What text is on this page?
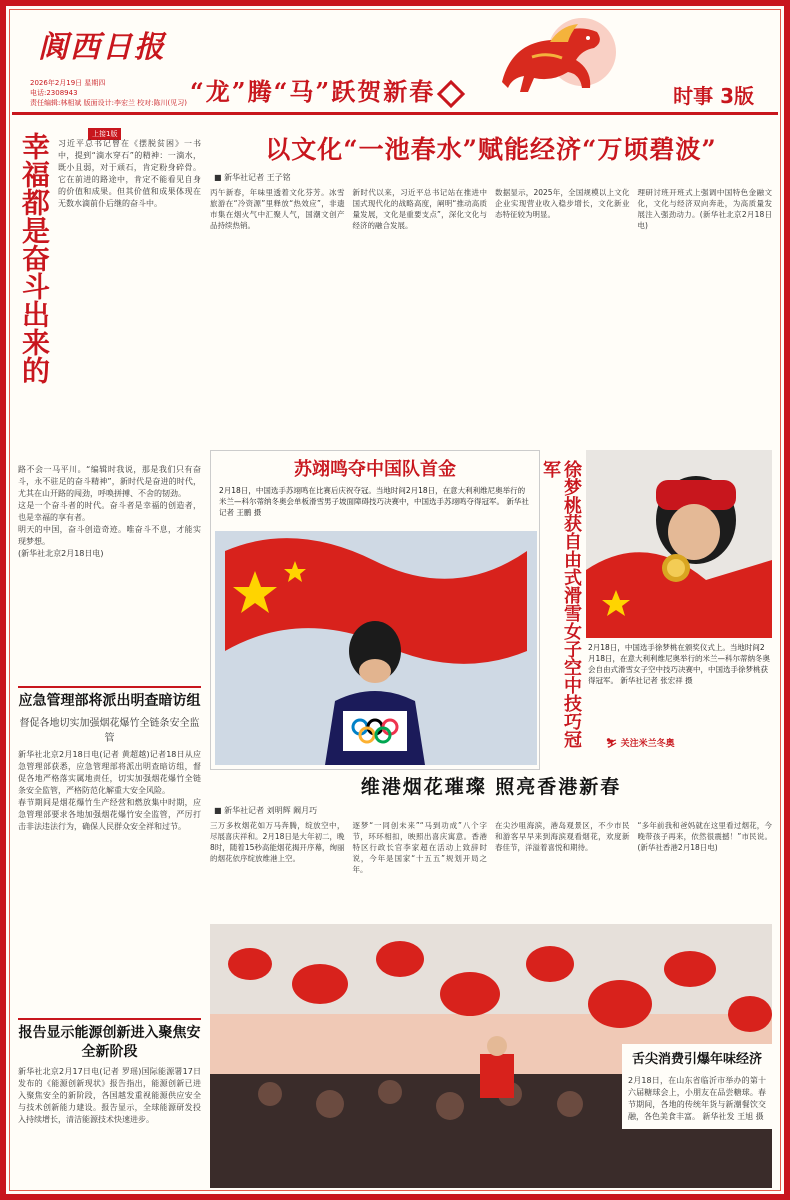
阆西日报
2026年2月19日 星期四
电话:2308943
责任编辑:林相斌 版面设计:李宏兰 校对:陈川(见习) “龙”腾“马”跃贺新春	时事 3版
上接1版
幸福都是奋斗出来的 习近平总书记曾在《摆脱贫困》一书中，提到“滴水穿石”的精神：一滴水，既小且弱，对于顽石，肯定粉身碎骨。它在前进的路途中，肯定不能看见自身的价值和成果。但其价值和成果体现在无数水滴前仆后继的奋斗中。

路不会一马平川。“编辑时我说，那是我们只有奋斗，永不驻足的奋斗精神”，新时代是奋进的时代，尤其在山开路的闯劲，呼唤拼搏、不舍的韧劲。
这是一个奋斗者的时代。奋斗者是幸福的创造者，也是幸福的享有者。
明天的中国，奋斗创造奇迹。唯奋斗不息，才能实现梦想。
(新华社北京2月18日电)

应急管理部将派出明查暗访组
督促各地切实加强烟花爆竹全链条安全监管

新华社北京2月18日电(记者 黄超越)记者18日从应急管理部获悉，应急管理部将派出明查暗访组，督促各地严格落实属地责任，切实加强烟花爆竹全链条安全监管，严格防范化解重大安全风险。
春节期间是烟花爆竹生产经营和燃放集中时期，应急管理部要求各地加强烟花爆竹安全监管，严厉打击非法违法行为，确保人民群众安全祥和过节。

报告显示能源创新进入聚焦安全新阶段

新华社北京2月17日电(记者 罗瑶)国际能源署17日发布的《能源创新现状》报告指出，能源创新已进入聚焦安全的新阶段，各国越发重视能源供应安全与技术创新能力建设。报告显示，全球能源研发投入持续增长，清洁能源技术快速进步。

以文化“一池春水”赋能经济“万顷碧波”
■ 新华社记者 王子铭

丙午新春，年味里透着文化芬芳。冰雪旅游在“冷资源”里释放“热效应”，非遗市集在烟火气中汇聚人气，国潮文创产品持续热销。

新时代以来，习近平总书记站在推进中国式现代化的战略高度，阐明“推动高质量发展，文化是重要支点”，深化文化与经济的融合发展。

数据显示，2025年，全国规模以上文化企业实现营业收入稳步增长，文化新业态特征较为明显。

理研讨班开班式上强调中国特色金融文化，文化与经济双向奔赴，为高质量发展注入强劲动力。(新华社北京2月18日电)

苏翊鸣夺中国队首金

2月18日，中国选手苏翊鸣在比赛后庆祝夺冠。当地时间2月18日，在意大利利维尼奥举行的米兰—科尔蒂纳冬奥会单板滑雪男子坡面障碍技巧决赛中，中国选手苏翊鸣夺得冠军。 新华社记者 王鹏 摄	徐梦桃获自由式滑雪女子空中技巧冠军

2月18日，中国选手徐梦桃在颁奖仪式上。当地时间2月18日，在意大利利维尼奥举行的米兰—科尔蒂纳冬奥会自由式滑雪女子空中技巧决赛中，中国选手徐梦桃获得冠军。 新华社记者 张宏祥 摄

⛷ 关注米兰冬奥
维港烟花璀璨 照亮香港新春
■ 新华社记者 刘明辉 阚月巧

三万多枚烟花如万马奔腾，绽放空中，尽展喜庆祥和。2月18日是大年初二，晚8时，随着15秒高能烟花揭开序幕，绚丽的烟花依序绽放维港上空。

逐梦“一同创未来”“马到功成”八个字节，环环相扣，映照出喜庆寓意。香港特区行政长官李家超在活动上致辞时说，今年是国家“十五五”规划开局之年。

在尖沙咀海滨，港岛观景区，不少市民和游客早早来到海滨观看烟花，欢度新春佳节，洋溢着喜悦和期待。

“多年前我和爸妈就在这里看过烟花，今晚带孩子再来，依然很震撼！”市民说。(新华社香港2月18日电)

舌尖消费引爆年味经济

2月18日，在山东省临沂市举办的第十六届糖球会上，小朋友在品尝糖球。春节期间，各地的传统年货与新潮餐饮交融，各色美食丰富。 新华社发 王旭 摄
